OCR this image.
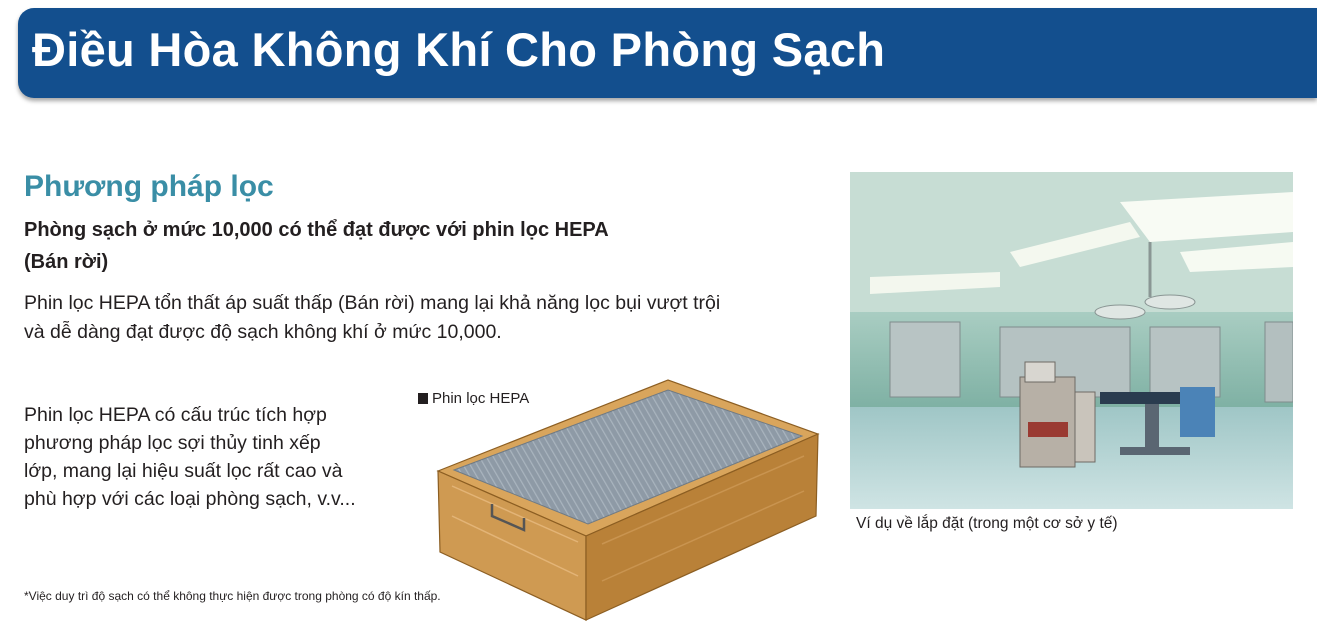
Điều Hòa Không Khí Cho Phòng Sạch
Phương pháp lọc
Phòng sạch ở mức 10,000 có thể đạt được với phin lọc HEPA
(Bán rời)
Phin lọc HEPA tổn thất áp suất thấp (Bán rời) mang lại khả năng lọc bụi vượt trội
và dễ dàng đạt được độ sạch không khí ở mức 10,000.
Phin lọc HEPA có cấu trúc tích hợp
phương pháp lọc sợi thủy tinh xếp
lớp, mang lại hiệu suất lọc rất cao và
phù hợp với các loại phòng sạch, v.v...
Phin lọc HEPA
*Việc duy trì độ sạch có thể không thực hiện được trong phòng có độ kín thấp.
Ví dụ về lắp đặt (trong một cơ sở y tế)
